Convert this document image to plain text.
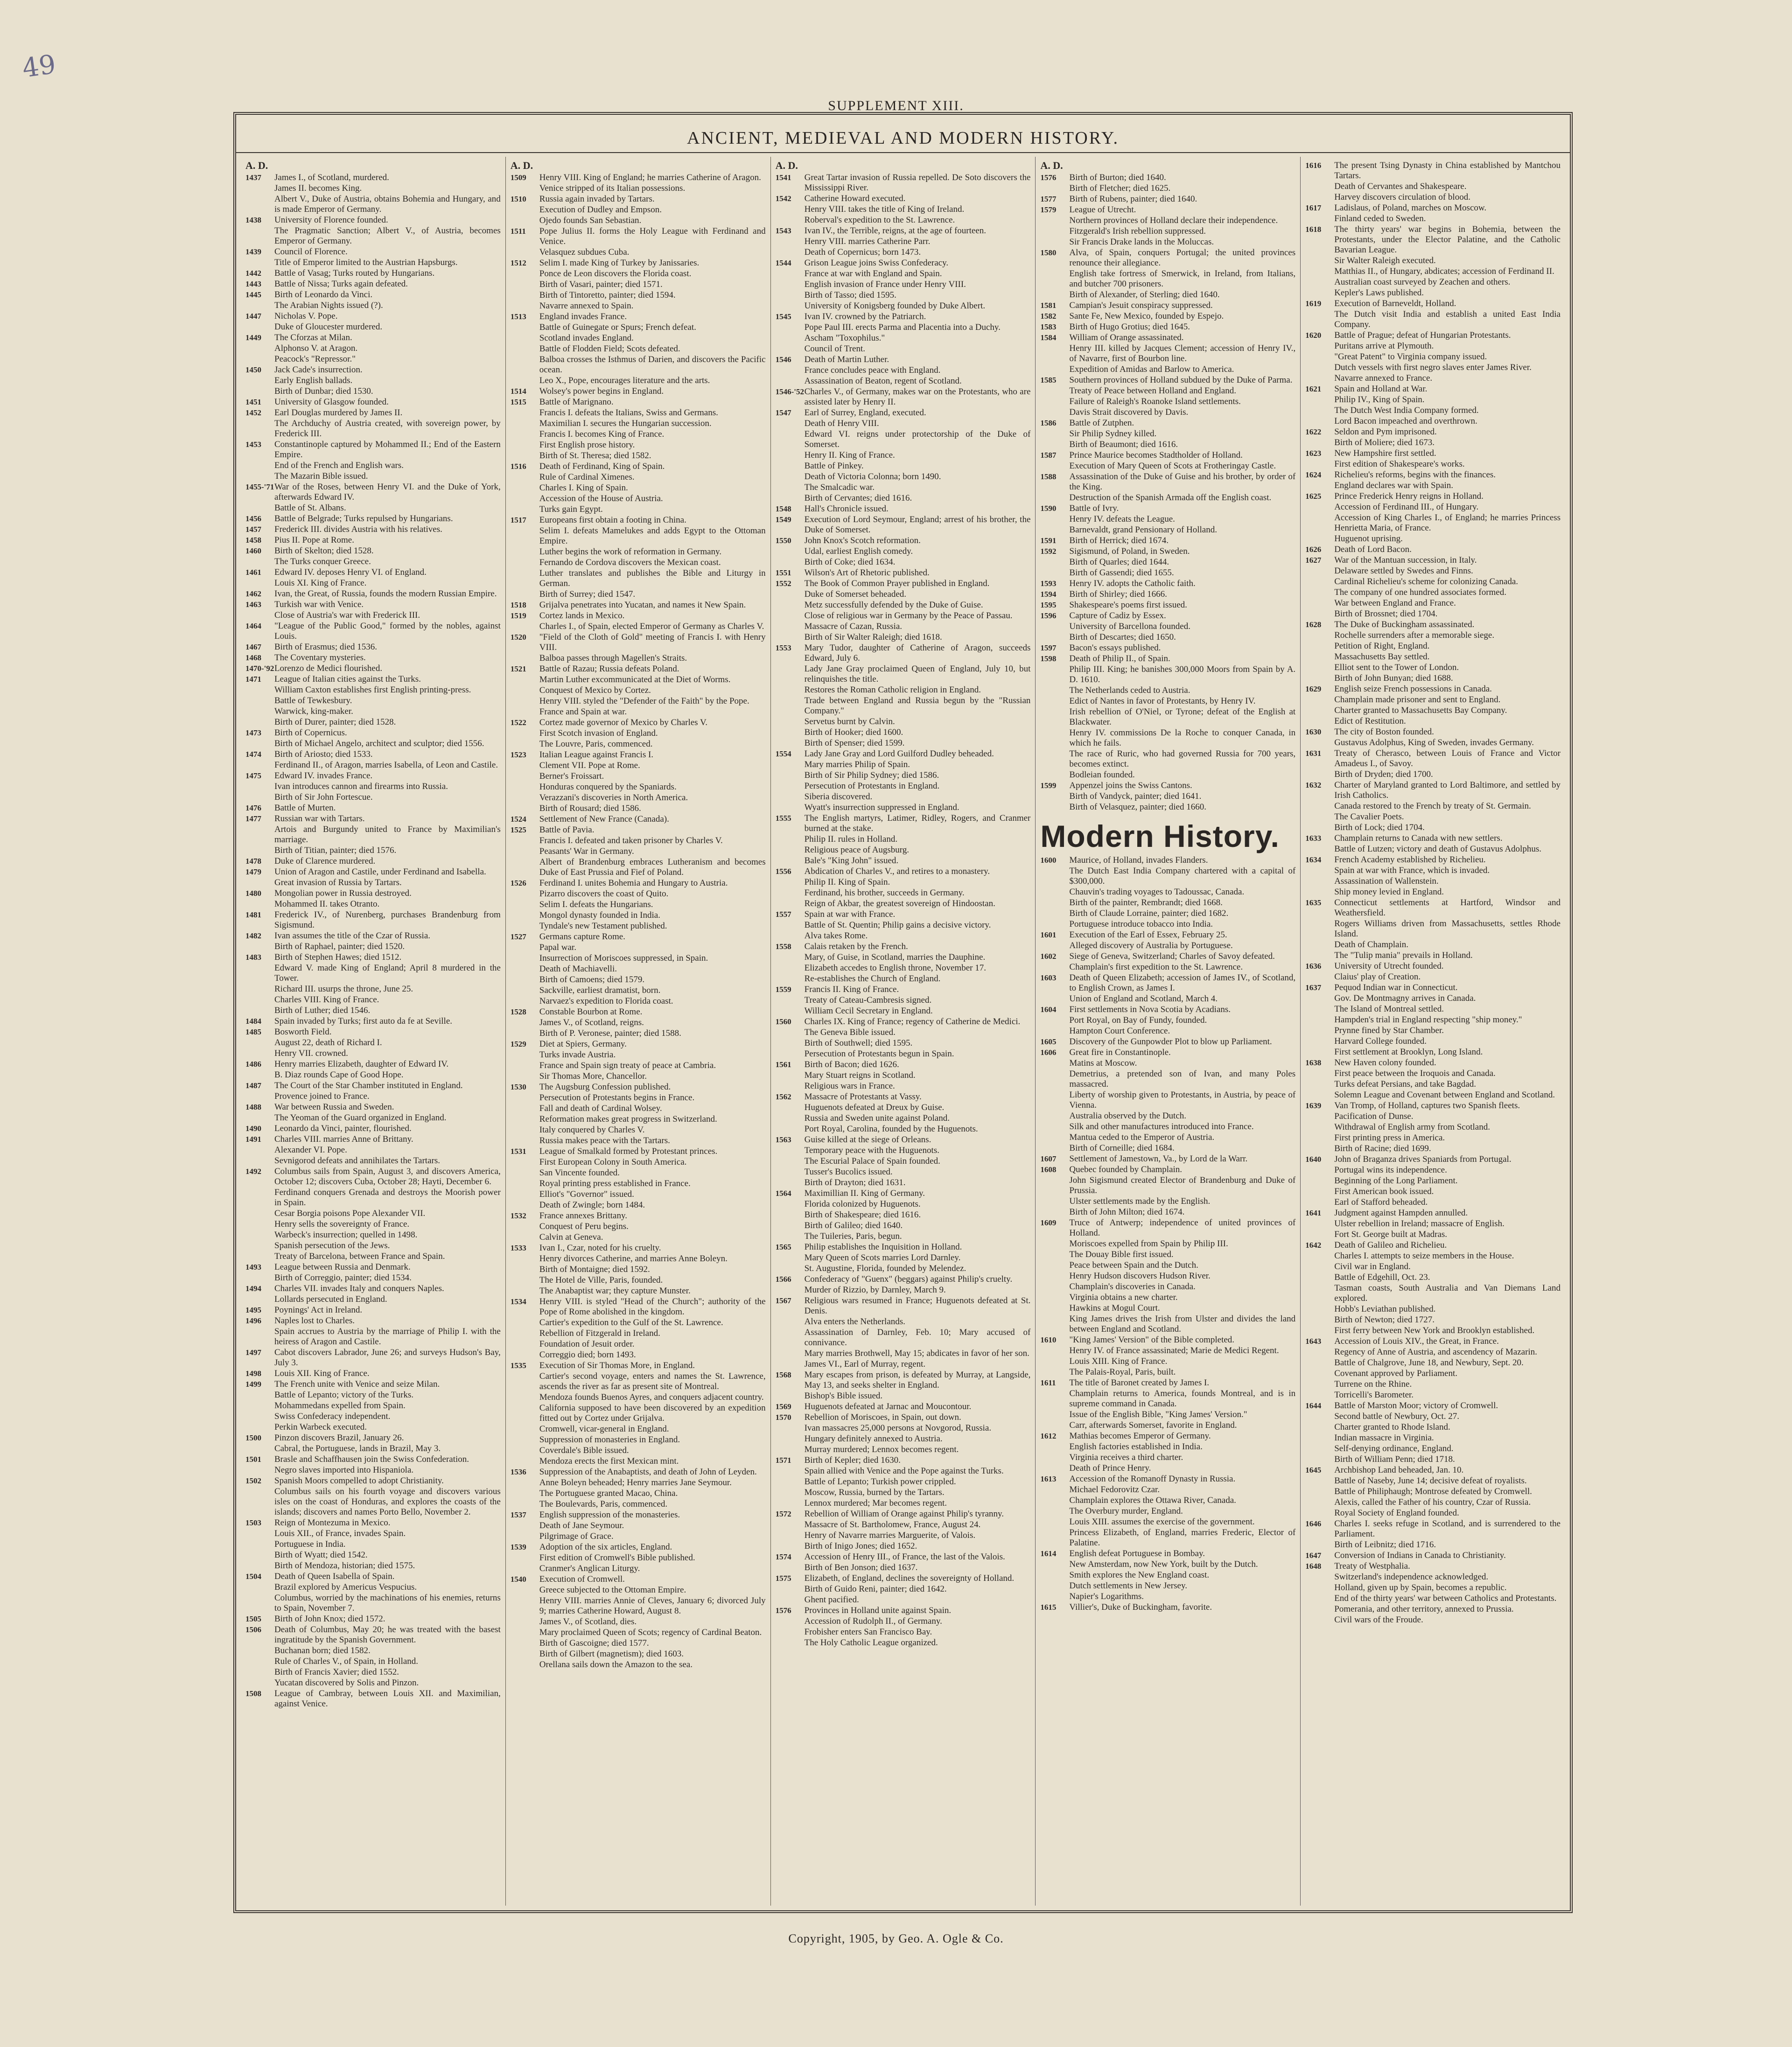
49
SUPPLEMENT XIII.
ANCIENT, MEDIEVAL AND MODERN HISTORY.
A. D.
1437	James I., of Scotland, murdered.
James II. becomes King.
Albert V., Duke of Austria, obtains Bohemia and Hungary, and is made Emperor of Germany.
1438	University of Florence founded.
The Pragmatic Sanction; Albert V., of Austria, becomes Emperor of Germany.
1439	Council of Florence.
Title of Emperor limited to the Austrian Hapsburgs.
1442	Battle of Vasag; Turks routed by Hungarians.
1443	Battle of Nissa; Turks again defeated.
1445	Birth of Leonardo da Vinci.
The Arabian Nights issued (?).
1447	Nicholas V. Pope.
Duke of Gloucester murdered.
1449	The Cforzas at Milan.
Alphonso V. at Aragon.
Peacock's "Repressor."
1450	Jack Cade's insurrection.
Early English ballads.
Birth of Dunbar; died 1530.
1451	University of Glasgow founded.
1452	Earl Douglas murdered by James II.
The Archduchy of Austria created, with sovereign power, by Frederick III.
1453	Constantinople captured by Mohammed II.; End of the Eastern Empire.
End of the French and English wars.
The Mazarin Bible issued.
1455-'71 War of the Roses, between Henry VI. and the Duke of York, afterwards Edward IV.
Battle of St. Albans.
1456	Battle of Belgrade; Turks repulsed by Hungarians.
1457	Frederick III. divides Austria with his relatives.
1458	Pius II. Pope at Rome.
1460	Birth of Skelton; died 1528.
The Turks conquer Greece.
1461	Edward IV. deposes Henry VI. of England.
Louis XI. King of France.
1462	Ivan, the Great, of Russia, founds the modern Russian Empire.
1463	Turkish war with Venice.
Close of Austria's war with Frederick III.
1464	"League of the Public Good," formed by the nobles, against Louis.
1467	Birth of Erasmus; died 1536.
1468	The Coventary mysteries.
1470-'92 Lorenzo de Medici flourished.
1471	League of Italian cities against the Turks.
William Caxton establishes first English printing-press.
Battle of Tewkesbury.
Warwick, king-maker.
Birth of Durer, painter; died 1528.
1473	Birth of Copernicus.
Birth of Michael Angelo, architect and sculptor; died 1556.
1474	Birth of Ariosto; died 1533.
Ferdinand II., of Aragon, marries Isabella, of Leon and Castile.
1475	Edward IV. invades France.
Ivan introduces cannon and firearms into Russia.
Birth of Sir John Fortescue.
1476	Battle of Murten.
1477	Russian war with Tartars.
Artois and Burgundy united to France by Maximilian's marriage.
Birth of Titian, painter; died 1576.
1478	Duke of Clarence murdered.
1479	Union of Aragon and Castile, under Ferdinand and Isabella.
Great invasion of Russia by Tartars.
1480	Mongolian power in Russia destroyed.
Mohammed II. takes Otranto.
1481	Frederick IV., of Nurenberg, purchases Brandenburg from Sigismund.
1482	Ivan assumes the title of the Czar of Russia.
Birth of Raphael, painter; died 1520.
1483	Birth of Stephen Hawes; died 1512.
Edward V. made King of England; April 8 murdered in the Tower.
Richard III. usurps the throne, June 25.
Charles VIII. King of France.
Birth of Luther; died 1546.
1484	Spain invaded by Turks; first auto da fe at Seville.
1485	Bosworth Field.
August 22, death of Richard I.
Henry VII. crowned.
1486	Henry marries Elizabeth, daughter of Edward IV.
B. Diaz rounds Cape of Good Hope.
1487	The Court of the Star Chamber instituted in England.
Provence joined to France.
1488	War between Russia and Sweden.
The Yeoman of the Guard organized in England.
1490	Leonardo da Vinci, painter, flourished.
1491	Charles VIII. marries Anne of Brittany.
Alexander VI. Pope.
Sevnigorod defeats and annihilates the Tartars.
1492	Columbus sails from Spain, August 3, and discovers America, October 12; discovers Cuba, October 28; Hayti, December 6.
Ferdinand conquers Grenada and destroys the Moorish power in Spain.
Cesar Borgia poisons Pope Alexander VII.
Henry sells the sovereignty of France.
Warbeck's insurrection; quelled in 1498.
Spanish persecution of the Jews.
Treaty of Barcelona, between France and Spain.
1493	League between Russia and Denmark.
Birth of Correggio, painter; died 1534.
1494	Charles VII. invades Italy and conquers Naples.
Lollards persecuted in England.
1495	Poynings' Act in Ireland.
1496	Naples lost to Charles.
Spain accrues to Austria by the marriage of Philip I. with the heiress of Aragon and Castile.
1497	Cabot discovers Labrador, June 26; and surveys Hudson's Bay, July 3.
1498	Louis XII. King of France.
1499	The French unite with Venice and seize Milan.
Battle of Lepanto; victory of the Turks.
Mohammedans expelled from Spain.
Swiss Confederacy independent.
Perkin Warbeck executed.
1500	Pinzon discovers Brazil, January 26.
Cabral, the Portuguese, lands in Brazil, May 3.
1501	Brasle and Schaffhausen join the Swiss Confederation.
Negro slaves imported into Hispaniola.
1502	Spanish Moors compelled to adopt Christianity.
Columbus sails on his fourth voyage and discovers various isles on the coast of Honduras, and explores the coasts of the islands; discovers and names Porto Bello, November 2.
1503	Reign of Montezuma in Mexico.
Louis XII., of France, invades Spain.
Portuguese in India.
Birth of Wyatt; died 1542.
Birth of Mendoza, historian; died 1575.
1504	Death of Queen Isabella of Spain.
Brazil explored by Americus Vespucius.
Columbus, worried by the machinations of his enemies, returns to Spain, November 7.
1505	Birth of John Knox; died 1572.
1506	Death of Columbus, May 20; he was treated with the basest ingratitude by the Spanish Government.
Buchanan born; died 1582.
Rule of Charles V., of Spain, in Holland.
Birth of Francis Xavier; died 1552.
Yucatan discovered by Solis and Pinzon.
1508	League of Cambray, between Louis XII. and Maximilian, against Venice.
A. D.
1509	Henry VIII. King of England; he marries Catherine of Aragon.
Venice stripped of its Italian possessions.
1510	Russia again invaded by Tartars.
Execution of Dudley and Empson.
Ojedo founds San Sebastian.
1511	Pope Julius II. forms the Holy League with Ferdinand and Venice.
Velasquez subdues Cuba.
1512	Selim I. made King of Turkey by Janissaries.
Ponce de Leon discovers the Florida coast.
Birth of Vasari, painter; died 1571.
Birth of Tintoretto, painter; died 1594.
Navarre annexed to Spain.
1513	England invades France.
Battle of Guinegate or Spurs; French defeat.
Scotland invades England.
Battle of Flodden Field; Scots defeated.
Balboa crosses the Isthmus of Darien, and discovers the Pacific ocean.
Leo X., Pope, encourages literature and the arts.
1514	Wolsey's power begins in England.
1515	Battle of Marignano.
Francis I. defeats the Italians, Swiss and Germans.
Maximilian I. secures the Hungarian succession.
Francis I. becomes King of France.
First English prose history.
Birth of St. Theresa; died 1582.
1516	Death of Ferdinand, King of Spain.
Rule of Cardinal Ximenes.
Charles I. King of Spain.
Accession of the House of Austria.
Turks gain Egypt.
1517	Europeans first obtain a footing in China.
Selim I. defeats Mamelukes and adds Egypt to the Ottoman Empire.
Luther begins the work of reformation in Germany.
Fernando de Cordova discovers the Mexican coast.
Luther translates and publishes the Bible and Liturgy in German.
Birth of Surrey; died 1547.
1518	Grijalva penetrates into Yucatan, and names it New Spain.
1519	Cortez lands in Mexico.
Charles I., of Spain, elected Emperor of Germany as Charles V.
1520	"Field of the Cloth of Gold" meeting of Francis I. with Henry VIII.
Balboa passes through Magellen's Straits.
1521	Battle of Razau; Russia defeats Poland.
Martin Luther excommunicated at the Diet of Worms.
Conquest of Mexico by Cortez.
Henry VIII. styled the "Defender of the Faith" by the Pope.
France and Spain at war.
1522	Cortez made governor of Mexico by Charles V.
First Scotch invasion of England.
The Louvre, Paris, commenced.
1523	Italian League against Francis I.
Clement VII. Pope at Rome.
Berner's Froissart.
Honduras conquered by the Spaniards.
Verazzani's discoveries in North America.
Birth of Rousard; died 1586.
1524	Settlement of New France (Canada).
1525	Battle of Pavia.
Francis I. defeated and taken prisoner by Charles V.
Peasants' War in Germany.
Albert of Brandenburg embraces Lutheranism and becomes Duke of East Prussia and Fief of Poland.
1526	Ferdinand I. unites Bohemia and Hungary to Austria.
Pizarro discovers the coast of Quito.
Selim I. defeats the Hungarians.
Mongol dynasty founded in India.
Tyndale's new Testament published.
1527	Germans capture Rome.
Papal war.
Insurrection of Moriscoes suppressed, in Spain.
Death of Machiavelli.
Birth of Camoens; died 1579.
Sackville, earliest dramatist, born.
Narvaez's expedition to Florida coast.
1528	Constable Bourbon at Rome.
James V., of Scotland, reigns.
Birth of P. Veronese, painter; died 1588.
1529	Diet at Spiers, Germany.
Turks invade Austria.
France and Spain sign treaty of peace at Cambria.
Sir Thomas More, Chancellor.
1530	The Augsburg Confession published.
Persecution of Protestants begins in France.
Fall and death of Cardinal Wolsey.
Reformation makes great progress in Switzerland.
Italy conquered by Charles V.
Russia makes peace with the Tartars.
1531	League of Smalkald formed by Protestant princes.
First European Colony in South America.
San Vincente founded.
Royal printing press established in France.
Elliot's "Governor" issued.
Death of Zwingle; born 1484.
1532	France annexes Brittany.
Conquest of Peru begins.
Calvin at Geneva.
1533	Ivan I., Czar, noted for his cruelty.
Henry divorces Catherine, and marries Anne Boleyn.
Birth of Montaigne; died 1592.
The Hotel de Ville, Paris, founded.
The Anabaptist war; they capture Munster.
1534	Henry VIII. is styled "Head of the Church"; authority of the Pope of Rome abolished in the kingdom.
Cartier's expedition to the Gulf of the St. Lawrence.
Rebellion of Fitzgerald in Ireland.
Foundation of Jesuit order.
Correggio died; born 1493.
1535	Execution of Sir Thomas More, in England.
Cartier's second voyage, enters and names the St. Lawrence, ascends the river as far as present site of Montreal.
Mendoza founds Buenos Ayres, and conquers adjacent country.
California supposed to have been discovered by an expedition fitted out by Cortez under Grijalva.
Cromwell, vicar-general in England.
Suppression of monasteries in England.
Coverdale's Bible issued.
Mendoza erects the first Mexican mint.
1536	Suppression of the Anabaptists, and death of John of Leyden.
Anne Boleyn beheaded; Henry marries Jane Seymour.
The Portuguese granted Macao, China.
The Boulevards, Paris, commenced.
1537	English suppression of the monasteries.
Death of Jane Seymour.
Pilgrimage of Grace.
1539	Adoption of the six articles, England.
First edition of Cromwell's Bible published.
Cranmer's Anglican Liturgy.
1540	Execution of Cromwell.
Greece subjected to the Ottoman Empire.
Henry VIII. marries Annie of Cleves, January 6; divorced July 9; marries Catherine Howard, August 8.
James V., of Scotland, dies.
Mary proclaimed Queen of Scots; regency of Cardinal Beaton.
Birth of Gascoigne; died 1577.
Birth of Gilbert (magnetism); died 1603.
Orellana sails down the Amazon to the sea.
A. D.
1541	Great Tartar invasion of Russia repelled. De Soto discovers the Mississippi River.
1542	Catherine Howard executed.
Henry VIII. takes the title of King of Ireland.
Roberval's expedition to the St. Lawrence.
1543	Ivan IV., the Terrible, reigns, at the age of fourteen.
Henry VIII. marries Catherine Parr.
Death of Copernicus; born 1473.
1544	Grison League joins Swiss Confederacy.
France at war with England and Spain.
English invasion of France under Henry VIII.
Birth of Tasso; died 1595.
University of Konigsberg founded by Duke Albert.
1545	Ivan IV. crowned by the Patriarch.
Pope Paul III. erects Parma and Placentia into a Duchy.
Ascham "Toxophilus."
Council of Trent.
1546	Death of Martin Luther.
France concludes peace with England.
Assassination of Beaton, regent of Scotland.
1546-'52 Charles V., of Germany, makes war on the Protestants, who are assisted later by Henry II.
1547	Earl of Surrey, England, executed.
Death of Henry VIII.
Edward VI. reigns under protectorship of the Duke of Somerset.
Henry II. King of France.
Battle of Pinkey.
Death of Victoria Colonna; born 1490.
The Smalcadic war.
Birth of Cervantes; died 1616.
1548	Hall's Chronicle issued.
1549	Execution of Lord Seymour, England; arrest of his brother, the Duke of Somerset.
1550	John Knox's Scotch reformation.
Udal, earliest English comedy.
Birth of Coke; died 1634.
1551	Wilson's Art of Rhetoric published.
1552	The Book of Common Prayer published in England.
Duke of Somerset beheaded.
Metz successfully defended by the Duke of Guise.
Close of religious war in Germany by the Peace of Passau.
Massacre of Cazan, Russia.
Birth of Sir Walter Raleigh; died 1618.
1553	Mary Tudor, daughter of Catherine of Aragon, succeeds Edward, July 6.
Lady Jane Gray proclaimed Queen of England, July 10, but relinquishes the title.
Restores the Roman Catholic religion in England.
Trade between England and Russia begun by the "Russian Company."
Servetus burnt by Calvin.
Birth of Hooker; died 1600.
Birth of Spenser; died 1599.
1554	Lady Jane Gray and Lord Guilford Dudley beheaded.
Mary marries Philip of Spain.
Birth of Sir Philip Sydney; died 1586.
Persecution of Protestants in England.
Siberia discovered.
Wyatt's insurrection suppressed in England.
1555	The English martyrs, Latimer, Ridley, Rogers, and Cranmer burned at the stake.
Philip II. rules in Holland.
Religious peace of Augsburg.
Bale's "King John" issued.
1556	Abdication of Charles V., and retires to a monastery.
Philip II. King of Spain.
Ferdinand, his brother, succeeds in Germany.
Reign of Akbar, the greatest sovereign of Hindoostan.
1557	Spain at war with France.
Battle of St. Quentin; Philip gains a decisive victory.
Alva takes Rome.
1558	Calais retaken by the French.
Mary, of Guise, in Scotland, marries the Dauphine.
Elizabeth accedes to English throne, November 17.
Re-establishes the Church of England.
1559	Francis II. King of France.
Treaty of Cateau-Cambresis signed.
William Cecil Secretary in England.
1560	Charles IX. King of France; regency of Catherine de Medici.
The Geneva Bible issued.
Birth of Southwell; died 1595.
Persecution of Protestants begun in Spain.
1561	Birth of Bacon; died 1626.
Mary Stuart reigns in Scotland.
Religious wars in France.
1562	Massacre of Protestants at Vassy.
Huguenots defeated at Dreux by Guise.
Russia and Sweden unite against Poland.
Port Royal, Carolina, founded by the Huguenots.
1563	Guise killed at the siege of Orleans.
Temporary peace with the Huguenots.
The Escurial Palace of Spain founded.
Tusser's Bucolics issued.
Birth of Drayton; died 1631.
1564	Maximillian II. King of Germany.
Florida colonized by Huguenots.
Birth of Shakespeare; died 1616.
Birth of Galileo; died 1640.
The Tuileries, Paris, begun.
1565	Philip establishes the Inquisition in Holland.
Mary Queen of Scots marries Lord Darnley.
St. Augustine, Florida, founded by Melendez.
1566	Confederacy of "Guenx" (beggars) against Philip's cruelty.
Murder of Rizzio, by Darnley, March 9.
1567	Religious wars resumed in France; Huguenots defeated at St. Denis.
Alva enters the Netherlands.
Assassination of Darnley, Feb. 10; Mary accused of connivance.
Mary marries Brothwell, May 15; abdicates in favor of her son.
James VI., Earl of Murray, regent.
1568	Mary escapes from prison, is defeated by Murray, at Langside, May 13, and seeks shelter in England.
Bishop's Bible issued.
1569	Huguenots defeated at Jarnac and Moucontour.
1570	Rebellion of Moriscoes, in Spain, out down.
Ivan massacres 25,000 persons at Novgorod, Russia.
Hungary definitely annexed to Austria.
Murray murdered; Lennox becomes regent.
1571	Birth of Kepler; died 1630.
Spain allied with Venice and the Pope against the Turks.
Battle of Lepanto; Turkish power crippled.
Moscow, Russia, burned by the Tartars.
Lennox murdered; Mar becomes regent.
1572	Rebellion of William of Orange against Philip's tyranny.
Massacre of St. Bartholomew, France, August 24.
Henry of Navarre marries Marguerite, of Valois.
Birth of Inigo Jones; died 1652.
1574	Accession of Henry III., of France, the last of the Valois.
Birth of Ben Jonson; died 1637.
1575	Elizabeth, of England, declines the sovereignty of Holland.
Birth of Guido Reni, painter; died 1642.
Ghent pacified.
1576	Provinces in Holland unite against Spain.
Accession of Rudolph II., of Germany.
Frobisher enters San Francisco Bay.
The Holy Catholic League organized.
A. D.
1576	Birth of Burton; died 1640.
Birth of Fletcher; died 1625.
1577	Birth of Rubens, painter; died 1640.
1579	League of Utrecht.
Northern provinces of Holland declare their independence.
Fitzgerald's Irish rebellion suppressed.
Sir Francis Drake lands in the Moluccas.
1580	Alva, of Spain, conquers Portugal; the united provinces renounce their allegiance.
English take fortress of Smerwick, in Ireland, from Italians, and butcher 700 prisoners.
Birth of Alexander, of Sterling; died 1640.
1581	Campian's Jesuit conspiracy suppressed.
1582	Sante Fe, New Mexico, founded by Espejo.
1583	Birth of Hugo Grotius; died 1645.
1584	William of Orange assassinated.
Henry III. killed by Jacques Clement; accession of Henry IV., of Navarre, first of Bourbon line.
Expedition of Amidas and Barlow to America.
1585	Southern provinces of Holland subdued by the Duke of Parma.
Treaty of Peace between Holland and England.
Failure of Raleigh's Roanoke Island settlements.
Davis Strait discovered by Davis.
1586	Battle of Zutphen.
Sir Philip Sydney killed.
Birth of Beaumont; died 1616.
1587	Prince Maurice becomes Stadtholder of Holland.
Execution of Mary Queen of Scots at Frotheringay Castle.
1588	Assassination of the Duke of Guise and his brother, by order of the King.
Destruction of the Spanish Armada off the English coast.
1590	Battle of Ivry.
Henry IV. defeats the League.
Barnevaldt, grand Pensionary of Holland.
1591	Birth of Herrick; died 1674.
1592	Sigismund, of Poland, in Sweden.
Birth of Quarles; died 1644.
Birth of Gassendi; died 1655.
1593	Henry IV. adopts the Catholic faith.
1594	Birth of Shirley; died 1666.
1595	Shakespeare's poems first issued.
1596	Capture of Cadiz by Essex.
University of Barcellona founded.
Birth of Descartes; died 1650.
1597	Bacon's essays published.
1598	Death of Philip II., of Spain.
Philip III. King; he banishes 300,000 Moors from Spain by A. D. 1610.
The Netherlands ceded to Austria.
Edict of Nantes in favor of Protestants, by Henry IV.
Irish rebellion of O'Niel, or Tyrone; defeat of the English at Blackwater.
Henry IV. commissions De la Roche to conquer Canada, in which he fails.
The race of Ruric, who had governed Russia for 700 years, becomes extinct.
Bodleian founded.
1599	Appenzel joins the Swiss Cantons.
Birth of Vandyck, painter; died 1641.
Birth of Velasquez, painter; died 1660.
Modern History.
1600	Maurice, of Holland, invades Flanders.
The Dutch East India Company chartered with a capital of $300,000.
Chauvin's trading voyages to Tadoussac, Canada.
Birth of the painter, Rembrandt; died 1668.
Birth of Claude Lorraine, painter; died 1682.
Portuguese introduce tobacco into India.
1601	Execution of the Earl of Essex, February 25.
Alleged discovery of Australia by Portuguese.
1602	Siege of Geneva, Switzerland; Charles of Savoy defeated.
Champlain's first expedition to the St. Lawrence.
1603	Death of Queen Elizabeth; accession of James IV., of Scotland, to English Crown, as James I.
Union of England and Scotland, March 4.
1604	First settlements in Nova Scotia by Acadians.
Port Royal, on Bay of Fundy, founded.
Hampton Court Conference.
1605	Discovery of the Gunpowder Plot to blow up Parliament.
1606	Great fire in Constantinople.
Matins at Moscow.
Demetrius, a pretended son of Ivan, and many Poles massacred.
Liberty of worship given to Protestants, in Austria, by peace of Vienna.
Australia observed by the Dutch.
Silk and other manufactures introduced into France.
Mantua ceded to the Emperor of Austria.
Birth of Corneille; died 1684.
1607	Settlement of Jamestown, Va., by Lord de la Warr.
1608	Quebec founded by Champlain.
John Sigismund created Elector of Brandenburg and Duke of Prussia.
Ulster settlements made by the English.
Birth of John Milton; died 1674.
1609	Truce of Antwerp; independence of united provinces of Holland.
Moriscoes expelled from Spain by Philip III.
The Douay Bible first issued.
Peace between Spain and the Dutch.
Henry Hudson discovers Hudson River.
Champlain's discoveries in Canada.
Virginia obtains a new charter.
Hawkins at Mogul Court.
King James drives the Irish from Ulster and divides the land between England and Scotland.
1610	"King James' Version" of the Bible completed.
Henry IV. of France assassinated; Marie de Medici Regent.
Louis XIII. King of France.
The Palais-Royal, Paris, built.
1611	The title of Baronet created by James I.
Champlain returns to America, founds Montreal, and is in supreme command in Canada.
Issue of the English Bible, "King James' Version."
Carr, afterwards Somerset, favorite in England.
1612	Mathias becomes Emperor of Germany.
English factories established in India.
Virginia receives a third charter.
Death of Prince Henry.
1613	Accession of the Romanoff Dynasty in Russia.
Michael Fedorovitz Czar.
Champlain explores the Ottawa River, Canada.
The Overbury murder, England.
Louis XIII. assumes the exercise of the government.
Princess Elizabeth, of England, marries Frederic, Elector of Palatine.
1614	English defeat Portuguese in Bombay.
New Amsterdam, now New York, built by the Dutch.
Smith explores the New England coast.
Dutch settlements in New Jersey.
Napier's Logarithms.
1615	Villier's, Duke of Buckingham, favorite.
1616	The present Tsing Dynasty in China established by Mantchou Tartars.
Death of Cervantes and Shakespeare.
Harvey discovers circulation of blood.
1617	Ladislaus, of Poland, marches on Moscow.
Finland ceded to Sweden.
1618	The thirty years' war begins in Bohemia, between the Protestants, under the Elector Palatine, and the Catholic Bavarian League.
Sir Walter Raleigh executed.
Matthias II., of Hungary, abdicates; accession of Ferdinand II.
Australian coast surveyed by Zeachen and others.
Kepler's Laws published.
1619	Execution of Barneveldt, Holland.
The Dutch visit India and establish a united East India Company.
1620	Battle of Prague; defeat of Hungarian Protestants.
Puritans arrive at Plymouth.
"Great Patent" to Virginia company issued.
Dutch vessels with first negro slaves enter James River.
Navarre annexed to France.
1621	Spain and Holland at War.
Philip IV., King of Spain.
The Dutch West India Company formed.
Lord Bacon impeached and overthrown.
1622	Seldon and Pym imprisoned.
Birth of Moliere; died 1673.
1623	New Hampshire first settled.
First edition of Shakespeare's works.
1624	Richelieu's reforms, begins with the finances.
England declares war with Spain.
1625	Prince Frederick Henry reigns in Holland.
Accession of Ferdinand III., of Hungary.
Accession of King Charles I., of England; he marries Princess Henrietta Maria, of France.
Huguenot uprising.
1626	Death of Lord Bacon.
1627	War of the Mantuan succession, in Italy.
Delaware settled by Swedes and Finns.
Cardinal Richelieu's scheme for colonizing Canada.
The company of one hundred associates formed.
War between England and France.
Birth of Brossnet; died 1704.
1628	The Duke of Buckingham assassinated.
Rochelle surrenders after a memorable siege.
Petition of Right, England.
Massachusetts Bay settled.
Elliot sent to the Tower of London.
Birth of John Bunyan; died 1688.
1629	English seize French possessions in Canada.
Champlain made prisoner and sent to England.
Charter granted to Massachusetts Bay Company.
Edict of Restitution.
1630	The city of Boston founded.
Gustavus Adolphus, King of Sweden, invades Germany.
1631	Treaty of Cherasco, between Louis of France and Victor Amadeus I., of Savoy.
Birth of Dryden; died 1700.
1632	Charter of Maryland granted to Lord Baltimore, and settled by Irish Catholics.
Canada restored to the French by treaty of St. Germain.
The Cavalier Poets.
Birth of Lock; died 1704.
1633	Champlain returns to Canada with new settlers.
Battle of Lutzen; victory and death of Gustavus Adolphus.
1634	French Academy established by Richelieu.
Spain at war with France, which is invaded.
Assassination of Wallenstein.
Ship money levied in England.
1635	Connecticut settlements at Hartford, Windsor and Weathersfield.
Rogers Williams driven from Massachusetts, settles Rhode Island.
Death of Champlain.
The "Tulip mania" prevails in Holland.
1636	University of Utrecht founded.
Claius' play of Creation.
1637	Pequod Indian war in Connecticut.
Gov. De Montmagny arrives in Canada.
The Island of Montreal settled.
Hampden's trial in England respecting "ship money."
Prynne fined by Star Chamber.
Harvard College founded.
First settlement at Brooklyn, Long Island.
1638	New Haven colony founded.
First peace between the Iroquois and Canada.
Turks defeat Persians, and take Bagdad.
Solemn League and Covenant between England and Scotland.
1639	Van Tromp, of Holland, captures two Spanish fleets.
Pacification of Dunse.
Withdrawal of English army from Scotland.
First printing press in America.
Birth of Racine; died 1699.
1640	John of Braganza drives Spaniards from Portugal.
Portugal wins its independence.
Beginning of the Long Parliament.
First American book issued.
Earl of Stafford beheaded.
1641	Judgment against Hampden annulled.
Ulster rebellion in Ireland; massacre of English.
Fort St. George built at Madras.
1642	Death of Galileo and Richelieu.
Charles I. attempts to seize members in the House.
Civil war in England.
Battle of Edgehill, Oct. 23.
Tasman coasts, South Australia and Van Diemans Land explored.
Hobb's Leviathan published.
Birth of Newton; died 1727.
First ferry between New York and Brooklyn established.
1643	Accession of Louis XIV., the Great, in France.
Regency of Anne of Austria, and ascendency of Mazarin.
Battle of Chalgrove, June 18, and Newbury, Sept. 20.
Covenant approved by Parliament.
Turrene on the Rhine.
Torricelli's Barometer.
1644	Battle of Marston Moor; victory of Cromwell.
Second battle of Newbury, Oct. 27.
Charter granted to Rhode Island.
Indian massacre in Virginia.
Self-denying ordinance, England.
Birth of William Penn; died 1718.
1645	Archbishop Land beheaded, Jan. 10.
Battle of Naseby, June 14; decisive defeat of royalists.
Battle of Philiphaugh; Montrose defeated by Cromwell.
Alexis, called the Father of his country, Czar of Russia.
Royal Society of England founded.
1646	Charles I. seeks refuge in Scotland, and is surrendered to the Parliament.
Birth of Leibnitz; died 1716.
1647	Conversion of Indians in Canada to Christianity.
1648	Treaty of Westphalia.
Switzerland's independence acknowledged.
Holland, given up by Spain, becomes a republic.
End of the thirty years' war between Catholics and Protestants.
Pomerania, and other territory, annexed to Prussia.
Civil wars of the Froude.
Copyright, 1905, by Geo. A. Ogle & Co.
